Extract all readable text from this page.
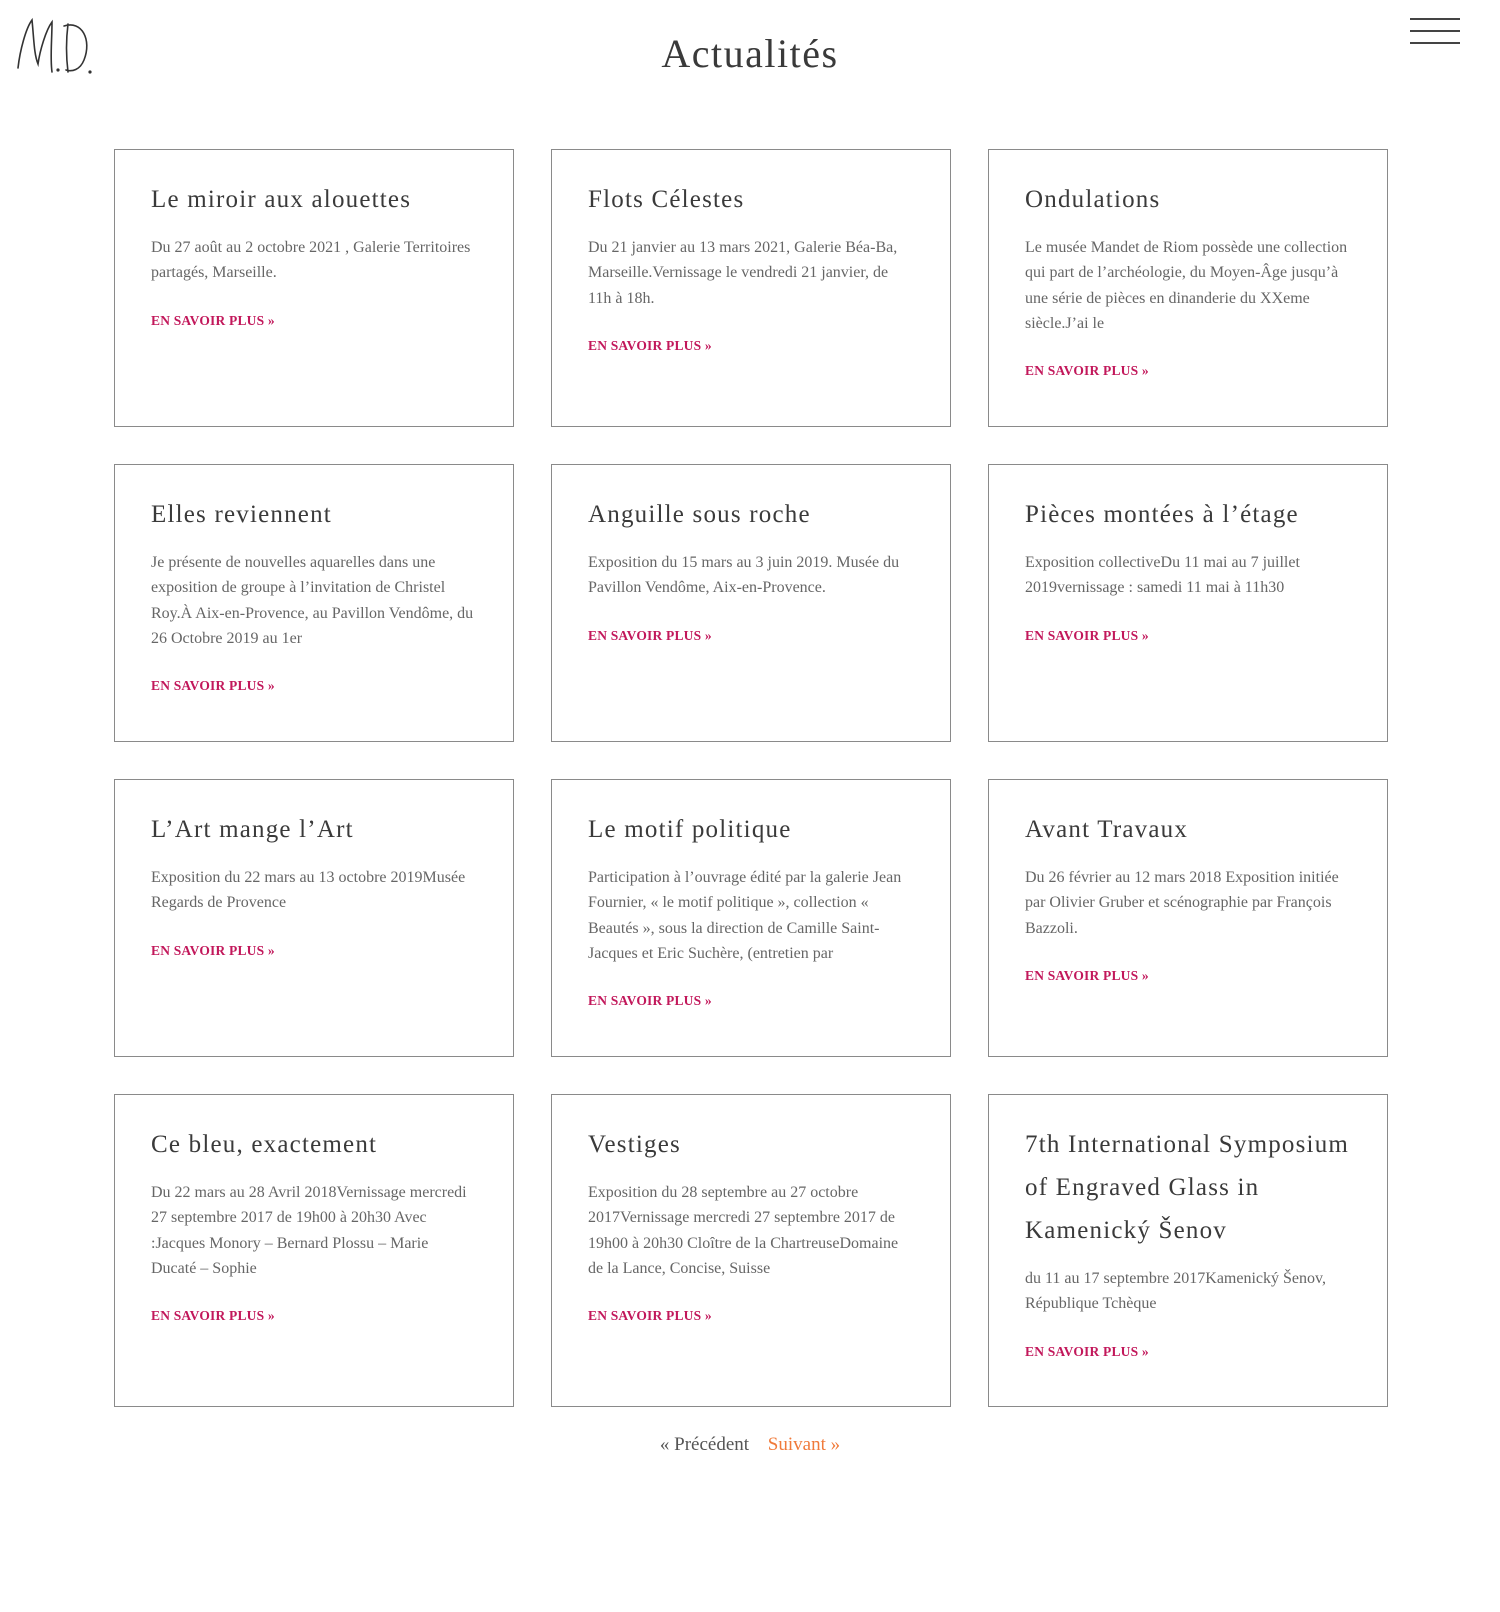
Actualités
Le miroir aux alouettes

Du 27 août au 2 octobre 2021 , Galerie Territoires partagés, Marseille.

EN SAVOIR PLUS »
Flots Célestes

Du 21 janvier au 13 mars 2021, Galerie Béa-Ba, Marseille.Vernissage le vendredi 21 janvier, de 11h à 18h.

EN SAVOIR PLUS »
Ondulations

Le musée Mandet de Riom possède une collection qui part de l’archéologie, du Moyen-Âge jusqu’à une série de pièces en dinanderie du XXeme siècle.J’ai le

EN SAVOIR PLUS »
Elles reviennent

Je présente de nouvelles aquarelles dans une exposition de groupe à l’invitation de Christel Roy.À Aix-en-Provence, au Pavillon Vendôme, du 26 Octobre 2019 au 1er

EN SAVOIR PLUS »
Anguille sous roche

Exposition du 15 mars au 3 juin 2019. Musée du Pavillon Vendôme, Aix-en-Provence.

EN SAVOIR PLUS »
Pièces montées à l’étage

Exposition collectiveDu 11 mai au 7 juillet 2019vernissage : samedi 11 mai à 11h30

EN SAVOIR PLUS »
L’Art mange l’Art

Exposition du 22 mars au 13 octobre 2019Musée Regards de Provence

EN SAVOIR PLUS »
Le motif politique

Participation à l’ouvrage édité par la galerie Jean Fournier, « le motif politique », collection « Beautés », sous la direction de Camille Saint-Jacques et Eric Suchère, (entretien par

EN SAVOIR PLUS »
Avant Travaux

Du 26 février au 12 mars 2018 Exposition initiée par Olivier Gruber et scénographie par François Bazzoli.

EN SAVOIR PLUS »
Ce bleu, exactement

Du 22 mars au 28 Avril 2018Vernissage mercredi 27 septembre 2017 de 19h00 à 20h30 Avec :Jacques Monory – Bernard Plossu – Marie Ducaté – Sophie

EN SAVOIR PLUS »
Vestiges

Exposition du 28 septembre au 27 octobre 2017Vernissage mercredi 27 septembre 2017 de 19h00 à 20h30 Cloître de la ChartreuseDomaine de la Lance, Concise, Suisse

EN SAVOIR PLUS »
7th International Symposium of Engraved Glass in Kamenický Šenov

du 11 au 17 septembre 2017Kamenický Šenov, République Tchèque

EN SAVOIR PLUS »
« Précédent Suivant »
